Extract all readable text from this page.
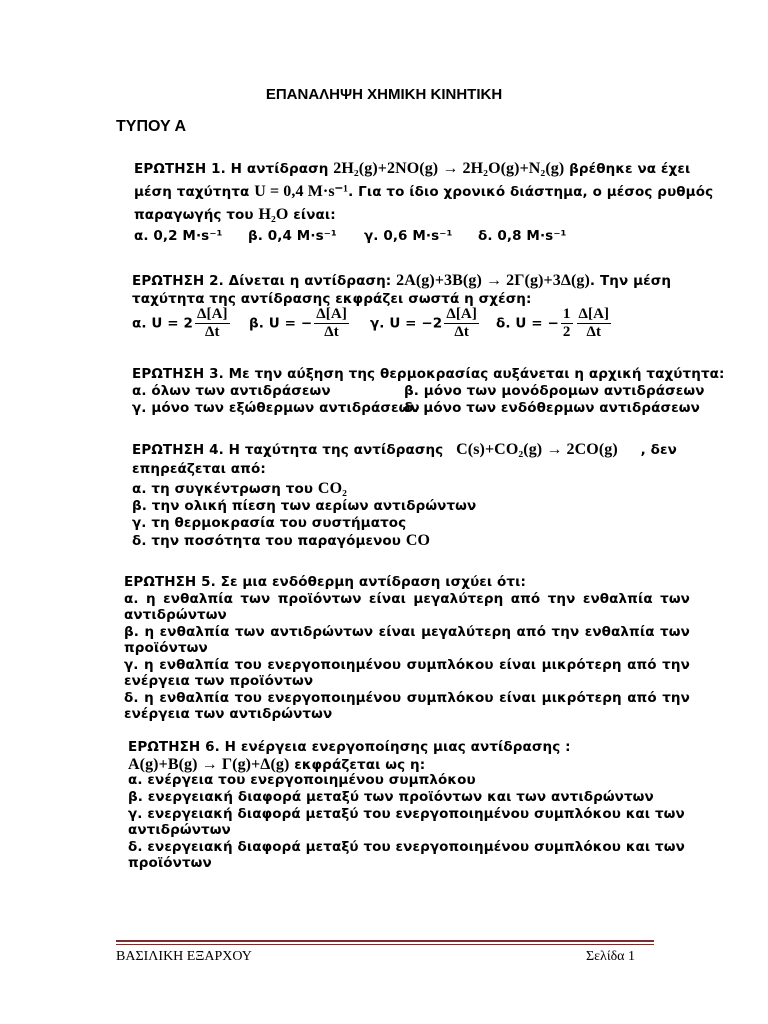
ΕΠΑΝΑΛΗΨΗ ΧΗΜΙΚΗ ΚΙΝΗΤΙΚΗ
ΤΥΠΟΥ Α
ΕΡΩΤΗΣΗ 1. Η αντίδραση 2H₂(g)+2NO(g) → 2H₂O(g)+N₂(g) βρέθηκε να έχει
μέση ταχύτητα U = 0,4 M·s⁻¹. Για το ίδιο χρονικό διάστημα, ο μέσος ρυθμός
παραγωγής του H₂O είναι:
α. 0,2 M·s⁻¹ β. 0,4 M·s⁻¹ γ. 0,6 M·s⁻¹ δ. 0,8 M·s⁻¹
ΕΡΩΤΗΣΗ 2. Δίνεται η αντίδραση: 2A(g)+3B(g) → 2Γ(g)+3Δ(g). Την μέση
ταχύτητα της αντίδρασης εκφράζει σωστά η σχέση:
α. $U = 2 \frac{\Delta[A]}{\Delta t} \beta$. U = − $\frac{\Delta[A]}{\Delta t} \gamma$. $U = -2 \frac{\Delta[A]}{\Delta t} \delta$. U = − $\frac{1}{2} \frac{\Delta[A]}{\Delta t}$
ΕΡΩΤΗΣΗ 3. Με την αύξηση της θερμοκρασίας αυξάνεται η αρχική ταχύτητα:
α. όλων των αντιδράσεων	β. μόνο των μονόδρομων αντιδράσεων
γ. μόνο των εξώθερμων αντιδράσεων
δ. μόνο των ενδόθερμων αντιδράσεων
ΕΡΩΤΗΣΗ 4. Η ταχύτητα της αντίδρασης C(s)+CO₂(g) → 2CO(g) , δεν
επηρεάζεται από:
α. τη συγκέντρωση του CO₂
β. την ολική πίεση των αερίων αντιδρώντων
γ. τη θερμοκρασία του συστήματος
δ. την ποσότητα του παραγόμενου CO
ΕΡΩΤΗΣΗ 5. Σε μια ενδόθερμη αντίδραση ισχύει ότι:
α. η ενθαλπία των προϊόντων είναι μεγαλύτερη από την ενθαλπία των
αντιδρώντων
β. η ενθαλπία των αντιδρώντων είναι μεγαλύτερη από την ενθαλπία των
προϊόντων
γ. η ενθαλπία του ενεργοποιημένου συμπλόκου είναι μικρότερη από την
ενέργεια των προϊόντων
δ. η ενθαλπία του ενεργοποιημένου συμπλόκου είναι μικρότερη από την
ενέργεια των αντιδρώντων
ΕΡΩΤΗΣΗ 6. Η ενέργεια ενεργοποίησης μιας αντίδρασης :
A(g)+B(g) → Γ(g)+Δ(g) εκφράζεται ως η:
α. ενέργεια του ενεργοποιημένου συμπλόκου
β. ενεργειακή διαφορά μεταξύ των προϊόντων και των αντιδρώντων
γ. ενεργειακή διαφορά μεταξύ του ενεργοποιημένου συμπλόκου και των
αντιδρώντων
δ. ενεργειακή διαφορά μεταξύ του ενεργοποιημένου συμπλόκου και των
προϊόντων
ΒΑΣΙΛΙΚΗ ΕΞΑΡΧΟΥ	Σελίδα 1
